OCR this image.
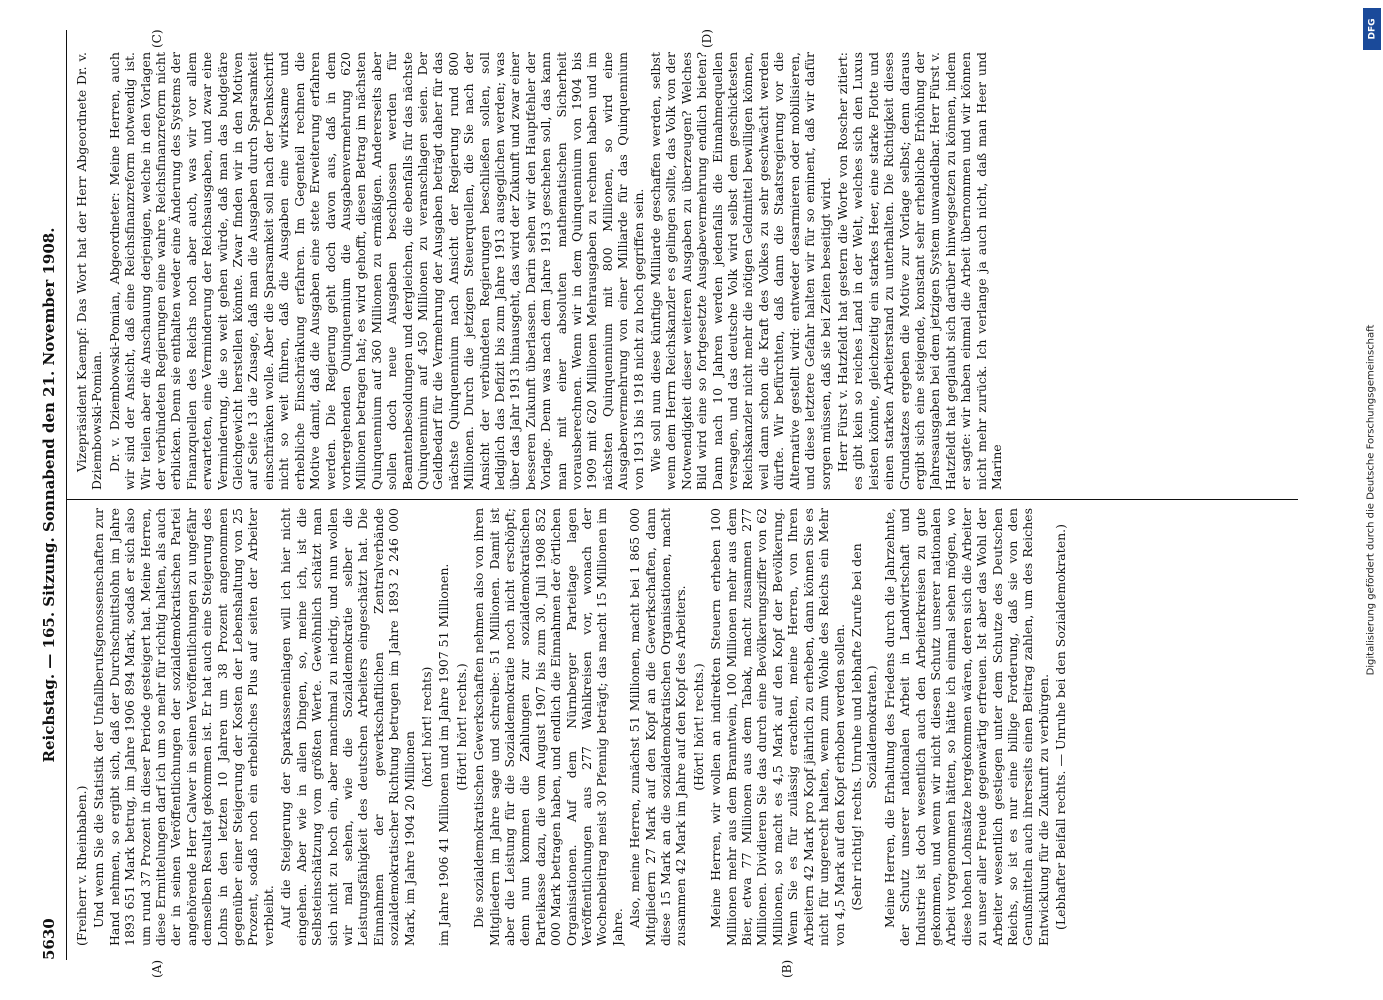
5630
Reichstag. — 165. Sitzung. Sonnabend den 21. November 1908.
(A)	(B)
(C)	(D)

(Freiherr v. Rheinbaben.) Und wenn Sie die Statistik der Unfallberufsgenossenschaften zur Hand nehmen, so ergibt sich, daß der Durchschnittslohn im Jahre 1893 651 Mark betrug, im Jahre 1906 894 Mark, sodaß er sich also um rund 37 Prozent in dieser Periode gesteigert hat. Meine Herren, diese Ermittelungen darf ich um so mehr für richtig halten, als auch der in seinen Veröffentlichungen der sozialdemokratischen Partei angehörende Herr Calwer in seinen Veröffentlichungen zu ungefähr demselben Resultat gekommen ist. Er hat auch eine Steigerung des Lohns in den letzten 10 Jahren um 38 Prozent angenommen gegenüber einer Steigerung der Kosten der Lebenshaltung von 25 Prozent, sodaß noch ein erhebliches Plus auf seiten der Arbeiter verbleibt. Auf die Steigerung der Sparkasseneinlagen will ich hier nicht eingehen. Aber wie in allen Dingen, so, meine ich, ist die Selbsteinschätzung vom größten Werte. Gewöhnlich schätzt man sich nicht zu hoch ein, aber manchmal zu niedrig, und nun wollen wir mal sehen, wie die Sozialdemokratie selber die Leistungsfähigkeit des deutschen Arbeiters eingeschätzt hat. Die Einnahmen der gewerkschaftlichen Zentralverbände sozialdemokratischer Richtung betrugen im Jahre 1893 2 246 000 Mark, im Jahre 1904 20 Millionen

(hört! hört! rechts) im Jahre 1906 41 Millionen und im Jahre 1907 51 Millionen. (Hört! hört! rechts.) Die sozialdemokratischen Gewerkschaften nehmen also von ihren Mitgliedern im Jahre sage und schreibe: 51 Millionen. Damit ist aber die Leistung für die Sozialdemokratie noch nicht erschöpft; denn nun kommen die Zahlungen zur sozialdemokratischen Parteikasse dazu, die vom August 1907 bis zum 30. Juli 1908 852 000 Mark betragen haben, und endlich die Einnahmen der örtlichen Organisationen. Auf dem Nürnberger Parteitage lagen Veröffentlichungen aus 277 Wahlkreisen vor, wonach der Wochenbeitrag meist 30 Pfennig beträgt; das macht 15 Millionen im Jahre. Also, meine Herren, zunächst 51 Millionen, macht bei 1 865 000 Mitgliedern 27 Mark auf den Kopf an die Gewerkschaften, dann diese 15 Mark an die sozialdemokratischen Organisationen, macht zusammen 42 Mark im Jahre auf den Kopf des Arbeiters. (Hört! hört! rechts.) Meine Herren, wir wollen an indirekten Steuern erheben 100 Millionen mehr aus dem Branntwein, 100 Millionen mehr aus dem Bier, etwa 77 Millionen aus dem Tabak, macht zusammen 277 Millionen. Dividieren Sie das durch eine Bevölkerungsziffer von 62 Millionen, so macht es 4,5 Mark auf den Kopf der Bevölkerung. Wenn Sie es für zulässig erachten, meine Herren, von Ihren Arbeitern 42 Mark pro Kopf jährlich zu erheben, dann können Sie es nicht für ungerecht halten, wenn zum Wohle des Reichs ein Mehr von 4,5 Mark auf den Kopf erhoben werden sollen. (Sehr richtig! rechts. Unruhe und lebhafte Zurufe bei den Sozialdemokraten.) Meine Herren, die Erhaltung des Friedens durch die Jahrzehnte, der Schutz unserer nationalen Arbeit in Landwirtschaft und Industrie ist doch wesentlich auch den Arbeiterkreisen zu gute gekommen, und wenn wir nicht diesen Schutz unserer nationalen Arbeit vorgenommen hätten, so hätte ich einmal sehen mögen, wo diese hohen Lohnsätze hergekommen wären, deren sich die Arbeiter zu unser aller Freude gegenwärtig erfreuen. Ist aber das Wohl der Arbeiter wesentlich gestiegen unter dem Schutze des Deutschen Reichs, so ist es nur eine billige Forderung, daß sie von den Genußmitteln auch ihrerseits einen Beitrag zahlen, um des Reiches Entwicklung für die Zukunft zu verbürgen. (Lebhafter Beifall rechts. — Unruhe bei den Sozialdemokraten.)

Vizepräsident Kaempf: Das Wort hat der Herr Abgeordnete Dr. v. Dziembowski-Pomian. Dr. v. Dziembowski-Pomian, Abgeordneter: Meine Herren, auch wir sind der Ansicht, daß eine Reichsfinanzreform notwendig ist. Wir teilen aber die Anschauung derjenigen, welche in den Vorlagen der verbündeten Regierungen eine wahre Reichsfinanzreform nicht erblicken. Denn sie enthalten weder eine Änderung des Systems der Finanzquellen des Reichs noch aber auch, was wir vor allem erwarteten, eine Verminderung der Reichsausgaben, und zwar eine Verminderung, die so weit gehen würde, daß man das budgetäre Gleichgewicht herstellen könnte. Zwar finden wir in den Motiven auf Seite 13 die Zusage, daß man die Ausgaben durch Sparsamkeit einschränken wolle. Aber die Sparsamkeit soll nach der Denkschrift nicht so weit führen, daß die Ausgaben eine wirksame und erhebliche Einschränkung erfahren. Im Gegenteil rechnen die Motive damit, daß die Ausgaben eine stete Erweiterung erfahren werden. Die Regierung geht doch davon aus, daß in dem vorhergehenden Quinquennium die Ausgabenvermehrung 620 Millionen betragen hat; es wird gehofft, diesen Betrag im nächsten Quinquennium auf 360 Millionen zu ermäßigen. Andererseits aber sollen doch neue Ausgaben beschlossen werden für Beamtenbesoldungen und dergleichen, die ebenfalls für das nächste Quinquennium auf 450 Millionen zu veranschlagen seien. Der Geldbedarf für die Vermehrung der Ausgaben beträgt daher für das nächste Quinquennium nach Ansicht der Regierung rund 800 Millionen. Durch die jetzigen Steuerquellen, die Sie nach der Ansicht der verbündeten Regierungen beschließen sollen, soll lediglich das Defizit bis zum Jahre 1913 ausgeglichen werden; was über das Jahr 1913 hinausgeht, das wird der Zukunft und zwar einer besseren Zukunft überlassen. Darin sehen wir den Hauptfehler der Vorlage. Denn was nach dem Jahre 1913 geschehen soll, das kann man mit einer absoluten mathematischen Sicherheit vorausberechnen. Wenn wir in dem Quinquennium von 1904 bis 1909 mit 620 Millionen Mehrausgaben zu rechnen haben und im nächsten Quinquennium mit 800 Millionen, so wird eine Ausgabenvermehrung von einer Milliarde für das Quinquennium von 1913 bis 1918 nicht zu hoch gegriffen sein. Wie soll nun diese künftige Milliarde geschaffen werden, selbst wenn dem Herrn Reichskanzler es gelingen sollte, das Volk von der Notwendigkeit dieser weiteren Ausgaben zu überzeugen? Welches Bild wird eine so fortgesetzte Ausgabevermehrung endlich bieten? Dann nach 10 Jahren werden jedenfalls die Einnahmequellen versagen, und das deutsche Volk wird selbst dem geschicktesten Reichskanzler nicht mehr die nötigen Geldmittel bewilligen können, weil dann schon die Kraft des Volkes zu sehr geschwächt werden dürfte. Wir befürchten, daß dann die Staatsregierung vor die Alternative gestellt wird: entweder desarmieren oder mobilisieren, und diese letztere Gefahr halten wir für so eminent, daß wir dafür sorgen müssen, daß sie bei Zeiten beseitigt wird. Herr Fürst v. Hatzfeldt hat gestern die Worte von Roscher zitiert: es gibt kein so reiches Land in der Welt, welches sich den Luxus leisten könnte, gleichzeitig ein starkes Heer, eine starke Flotte und einen starken Arbeiterstand zu unterhalten. Die Richtigkeit dieses Grundsatzes ergeben die Motive zur Vorlage selbst; denn daraus ergibt sich eine steigende, konstant sehr erhebliche Erhöhung der Jahresausgaben bei dem jetzigen System unwandelbar. Herr Fürst v. Hatzfeldt hat geglaubt sich darüber hinwegsetzen zu können, indem er sagte: wir haben einmal die Arbeit übernommen und wir können nicht mehr zurück. Ich verlange ja auch nicht, daß man Heer und Marine

DFG
Digitalisierung gefördert durch die Deutsche Forschungsgemeinschaft
